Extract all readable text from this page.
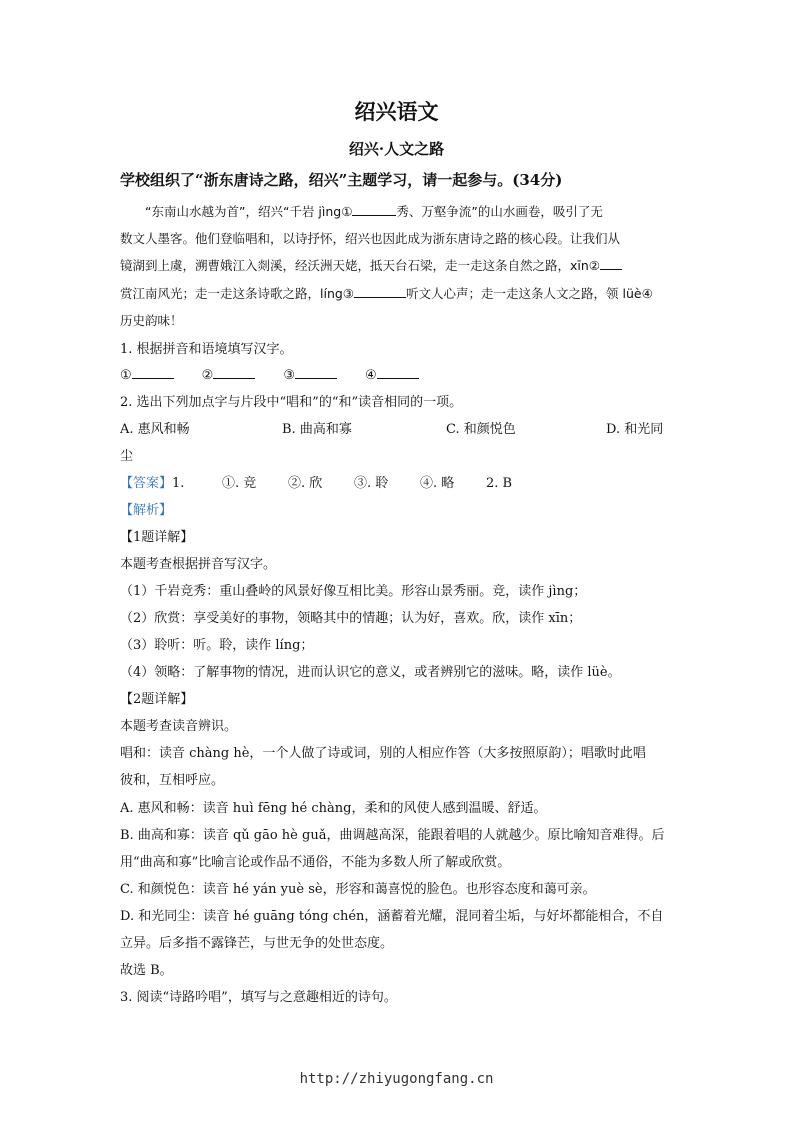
绍兴语文
绍兴·人文之路
学校组织了“浙东唐诗之路，绍兴”主题学习，请一起参与。(34分)
  “东南山水越为首”，绍兴“千岩 jìng①	秀、万壑争流”的山水画卷，吸引了无
数文人墨客。他们登临唱和，以诗抒怀，绍兴也因此成为浙东唐诗之路的核心段。让我们从
镜湖到上虞，溯曹娥江入剡溪，经沃洲天姥，抵天台石梁，走一走这条自然之路，xīn②
赏江南风光；走一走这条诗歌之路，líng③	听文人心声；走一走这条人文之路，领 lüè④
历史韵味！
1. 根据拼音和语境填写汉字。
①	②	③	④
2. 选出下列加点字与片段中“唱和”的“和”读音相同的一项。
A. 惠风和畅	B. 曲高和寡	C. 和颜悦色	D. 和光同
尘
【答案】1.	①. 竞 ②. 欣 ③. 聆 ④. 略 2. B
【解析】
【1题详解】
本题考查根据拼音写汉字。
（1）千岩竞秀：重山叠岭的风景好像互相比美。形容山景秀丽。竞，读作 jìng；
（2）欣赏：享受美好的事物，领略其中的情趣；认为好，喜欢。欣，读作 xīn；
（3）聆听：听。聆，读作 líng；
（4）领略：了解事物的情况，进而认识它的意义，或者辨别它的滋味。略，读作 lüè。
【2题详解】
本题考查读音辨识。
唱和：读音 chàng hè，一个人做了诗或词，别的人相应作答（大多按照原韵）；唱歌时此唱
彼和，互相呼应。
A. 惠风和畅：读音 huì fēng hé chàng，柔和的风使人感到温暖、舒适。
B. 曲高和寡：读音 qǔ gāo hè guǎ，曲调越高深，能跟着唱的人就越少。原比喻知音难得。后
用“曲高和寡”比喻言论或作品不通俗，不能为多数人所了解或欣赏。
C. 和颜悦色：读音 hé yán yuè sè，形容和蔼喜悦的脸色。也形容态度和蔼可亲。
D. 和光同尘：读音 hé guāng tóng chén，涵蓄着光耀，混同着尘垢，与好坏都能相合，不自
立异。后多指不露锋芒，与世无争的处世态度。
故选 B。
3. 阅读“诗路吟唱”，填写与之意趣相近的诗句。
http://zhiyugongfang.cn
